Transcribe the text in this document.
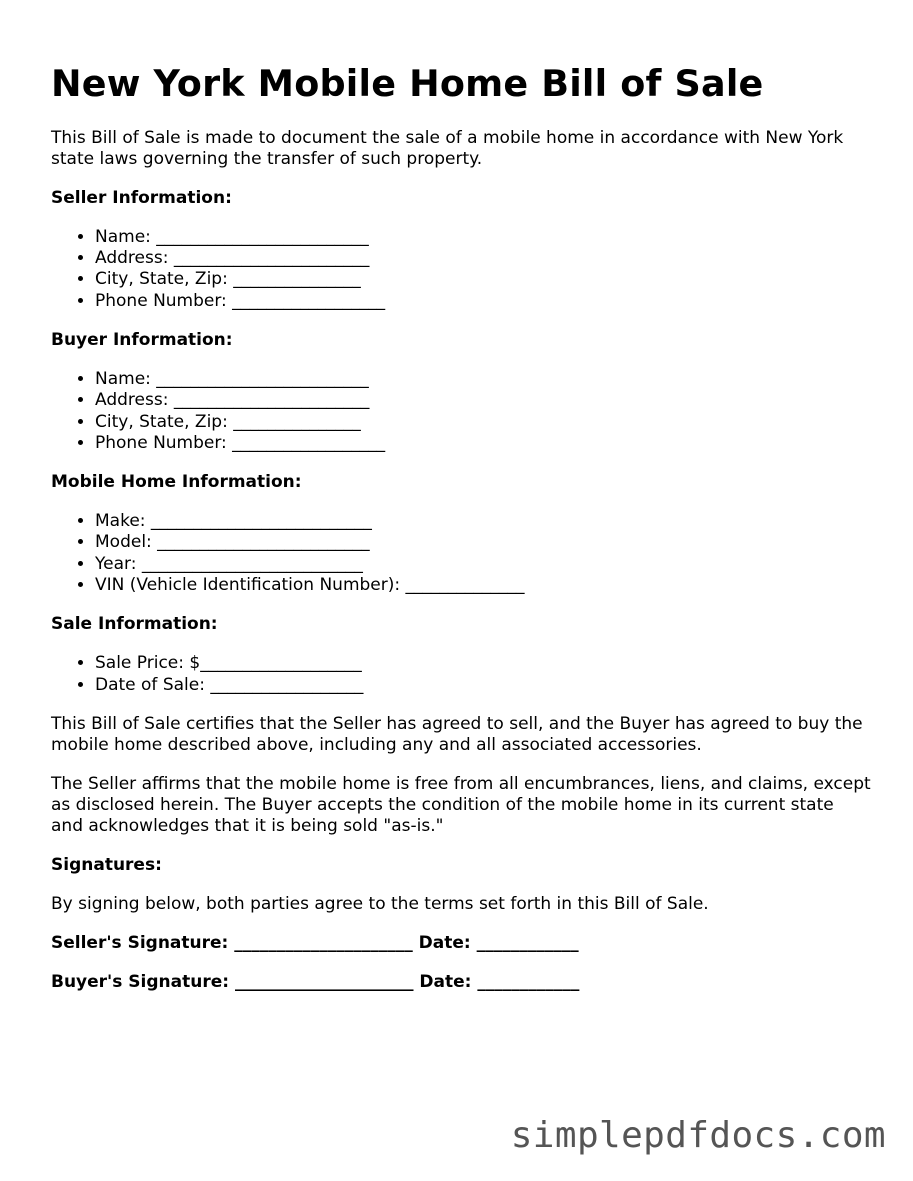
New York Mobile Home Bill of Sale

This Bill of Sale is made to document the sale of a mobile home in accordance with New York state laws governing the transfer of such property.

Seller Information:
• Name: _________________________
• Address: _______________________
• City, State, Zip: _______________
• Phone Number: __________________
Buyer Information:
• Name: _________________________
• Address: _______________________
• City, State, Zip: _______________
• Phone Number: __________________
Mobile Home Information:
• Make: __________________________
• Model: _________________________
• Year: __________________________
• VIN (Vehicle Identification Number): ______________
Sale Information:
• Sale Price: $___________________
• Date of Sale: __________________

This Bill of Sale certifies that the Seller has agreed to sell, and the Buyer has agreed to buy the mobile home described above, including any and all associated accessories.

The Seller affirms that the mobile home is free from all encumbrances, liens, and claims, except as disclosed herein. The Buyer accepts the condition of the mobile home in its current state and acknowledges that it is being sold "as-is."

Signatures:

By signing below, both parties agree to the terms set forth in this Bill of Sale.

Seller's Signature: _____________________ Date: ____________
Buyer's Signature: _____________________ Date: ____________
simplepdfdocs.com
